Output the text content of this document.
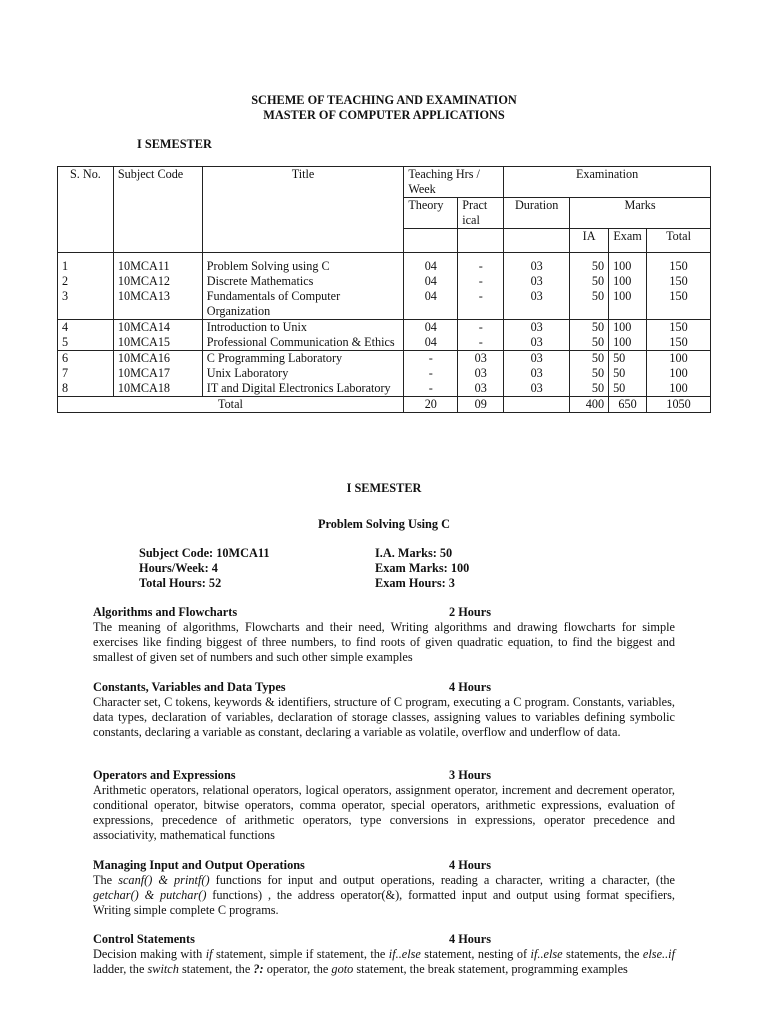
SCHEME OF TEACHING AND EXAMINATION
MASTER OF COMPUTER APPLICATIONS
I SEMESTER
S. No.	Subject Code	Title	Teaching Hrs / Week		Examination			
			Theory	Pract ical	Duration	Marks		
						IA	Exam	Total
1	10MCA11	Problem Solving using C	04	-	03	50	100	150
2	10MCA12	Discrete Mathematics	04	-	03	50	100	150
3	10MCA13	Fundamentals of Computer Organization	04	-	03	50	100	150
4	10MCA14	Introduction to Unix	04	-	03	50	100	150
5	10MCA15	Professional Communication & Ethics	04	-	03	50	100	150
6	10MCA16	C Programming Laboratory	-	03	03	50	50	100
7	10MCA17	Unix Laboratory	-	03	03	50	50	100
8	10MCA18	IT and Digital Electronics Laboratory	-	03	03	50	50	100
Total			20	09		400	650	1050
I SEMESTER
Problem Solving Using C
Subject Code: 10MCA11
Hours/Week: 4
Total Hours: 52
I.A. Marks: 50
Exam Marks: 100
Exam Hours: 3
Algorithms and Flowcharts	2 Hours

The meaning of algorithms, Flowcharts and their need, Writing algorithms and drawing flowcharts for simple exercises like finding biggest of three numbers, to find roots of given quadratic equation, to find the biggest and smallest of given set of numbers and such other simple examples

Constants, Variables and Data Types	4 Hours

Character set, C tokens, keywords & identifiers, structure of C program, executing a C program. Constants, variables, data types, declaration of variables, declaration of storage classes, assigning values to variables defining symbolic constants, declaring a variable as constant, declaring a variable as volatile, overflow and underflow of data.

Operators and Expressions	3 Hours

Arithmetic operators, relational operators, logical operators, assignment operator, increment and decrement operator, conditional operator, bitwise operators, comma operator, special operators, arithmetic expressions, evaluation of expressions, precedence of arithmetic operators, type conversions in expressions, operator precedence and associativity, mathematical functions

Managing Input and Output Operations	4 Hours

The scanf() & printf() functions for input and output operations, reading a character, writing a character, (the getchar() & putchar() functions) , the address operator(&), formatted input and output using format specifiers, Writing simple complete C programs.

Control Statements	4 Hours

Decision making with if statement, simple if statement, the if..else statement, nesting of if..else statements, the else..if ladder, the switch statement, the ?: operator, the goto statement, the break statement, programming examples
